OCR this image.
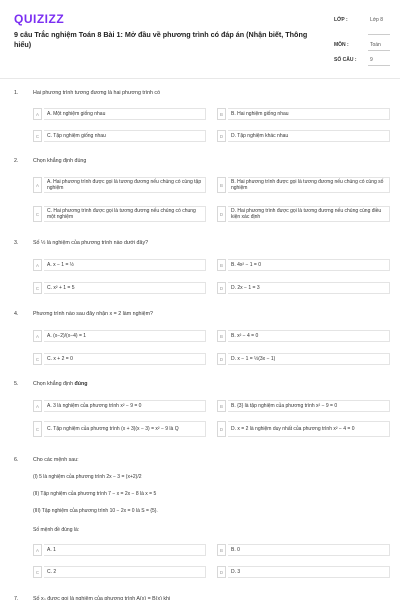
QUIZIZZ
9 câu Trắc nghiệm Toán 8 Bài 1: Mở đầu về phương trình có đáp án (Nhận biết, Thông hiểu)
LỚP :	Lớp 8
MÔN :	Toán
SỐ CÂU :	9
1.	Hai phương trình tương đương là hai phương trình có
A	A. Một nghiệm giống nhau	B	B. Hai nghiệm giống nhau
C	C. Tập nghiệm giống nhau	D	D. Tập nghiệm khác nhau
2.	Chọn khẳng định đúng
A	A. Hai phương trình được gọi là tương đương nếu chúng có cùng tập nghiệm	B	B. Hai phương trình được gọi là tương đương nếu chúng có cùng số nghiệm
C	C. Hai phương trình được gọi là tương đương nếu chúng có chung một nghiệm	D	D. Hai phương trình được gọi là tương đương nếu chúng cùng điều kiện xác định
3.	Số ½ là nghiệm của phương trình nào dưới đây?
A	A. x − 1 = ½	B	B. 4x² − 1 = 0
C	C. x² + 1 = 5	D	D. 2x − 1 = 3
4.	Phương trình nào sau đây nhận x = 2 làm nghiệm?
A	A. (x−2)/(x−4) = 1	B	B. x² − 4 = 0
C	C. x + 2 = 0	D	D. x − 1 = ½(3x − 1)
5.	Chọn khẳng định đúng
A	A. 3 là nghiệm của phương trình x² − 9 = 0	B	B. {3} là tập nghiệm của phương trình x² − 9 = 0
C	C. Tập nghiệm của phương trình (x + 3)(x − 3) = x² − 9 là Q	D	D. x = 2 là nghiệm duy nhất của phương trình x² − 4 = 0
6.	Cho các mệnh sau:
(I) 5 là nghiệm của phương trình 2x − 3 = (x+2)/2
(II) Tập nghiệm của phương trình 7 − x = 2x − 8 là x = 5
(III) Tập nghiệm của phương trình 10 − 2x = 0 là S = {5}.
Số mệnh đề đúng là:
A	A. 1	B	B. 0
C	C. 2	D	D. 3
7.	Số x₀ được gọi là nghiệm của phương trình A(x) = B(x) khi
